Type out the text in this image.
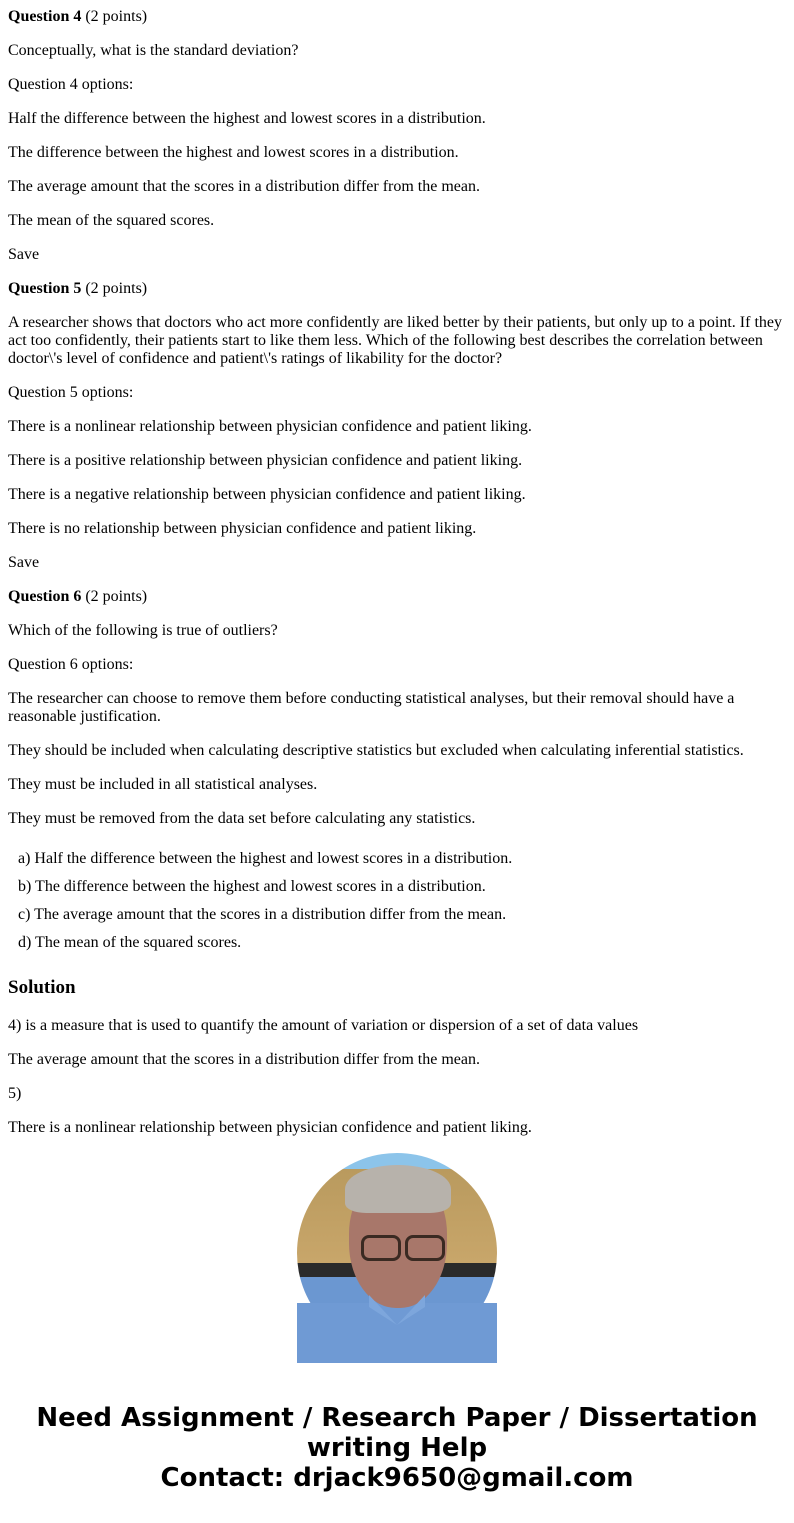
Question 4 (2 points)

Conceptually, what is the standard deviation?

Question 4 options:

Half the difference between the highest and lowest scores in a distribution.

The difference between the highest and lowest scores in a distribution.

The average amount that the scores in a distribution differ from the mean.

The mean of the squared scores.

Save

Question 5 (2 points)

A researcher shows that doctors who act more confidently are liked better by their patients, but only up to a point. If they act too confidently, their patients start to like them less. Which of the following best describes the correlation between doctor\'s level of confidence and patient\'s ratings of likability for the doctor?

Question 5 options:

There is a nonlinear relationship between physician confidence and patient liking.

There is a positive relationship between physician confidence and patient liking.

There is a negative relationship between physician confidence and patient liking.

There is no relationship between physician confidence and patient liking.

Save

Question 6 (2 points)

Which of the following is true of outliers?

Question 6 options:

The researcher can choose to remove them before conducting statistical analyses, but their removal should have a reasonable justification.

They should be included when calculating descriptive statistics but excluded when calculating inferential statistics.

They must be included in all statistical analyses.

They must be removed from the data set before calculating any statistics.

a) Half the difference between the highest and lowest scores in a distribution.

b) The difference between the highest and lowest scores in a distribution.

c) The average amount that the scores in a distribution differ from the mean.

d) The mean of the squared scores.

Solution

4) is a measure that is used to quantify the amount of variation or dispersion of a set of data values

The average amount that the scores in a distribution differ from the mean.

5)

There is a nonlinear relationship between physician confidence and patient liking.

Need Assignment / Research Paper / Dissertation
writing Help
Contact: drjack9650@gmail.com
